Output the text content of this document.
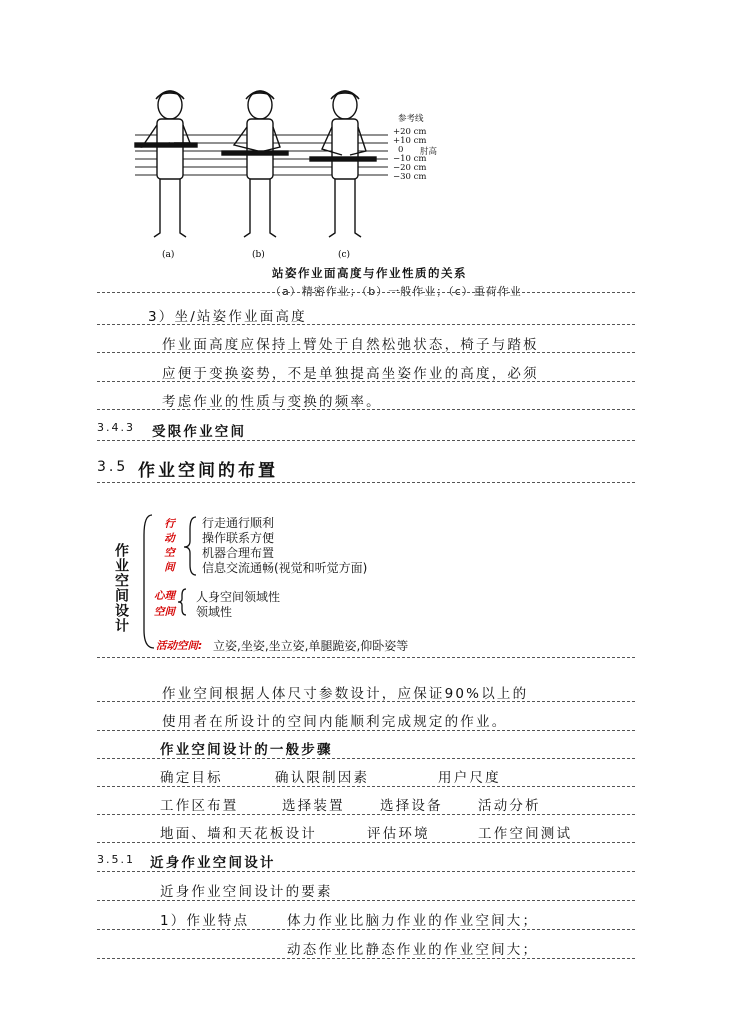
(a)	(b)	(c)
参考线
+20 cm
+10 cm
0 肘高
−10 cm
−20 cm
−30 cm
站姿作业面高度与作业性质的关系
（a）精密作业；（b）一般作业；（c）重荷作业
3）坐/站姿作业面高度
作业面高度应保持上臂处于自然松弛状态，椅子与踏板
应便于变换姿势，不是单独提高坐姿作业的高度，必须
考虑作业的性质与变换的频率。
3.4.3 受限作业空间
3.5 作业空间的布置
作业空间设计	行动空间 行走通行顺利
操作联系方便
机器合理布置
信息交流通畅(视觉和听觉方面)
心理空间
人身空间领域性
领域性
活动空间: 立姿,坐姿,坐立姿,单腿跪姿,仰卧姿等
作业空间根据人体尺寸参数设计，应保证90%以上的
使用者在所设计的空间内能顺利完成规定的作业。
作业空间设计的一般步骤
确定目标	确认限制因素	用户尺度
工作区布置	选择装置	选择设备	活动分析
地面、墙和天花板设计	评估环境	工作空间测试
3.5.1 近身作业空间设计
近身作业空间设计的要素
1）作业特点	体力作业比脑力作业的作业空间大；
动态作业比静态作业的作业空间大；
